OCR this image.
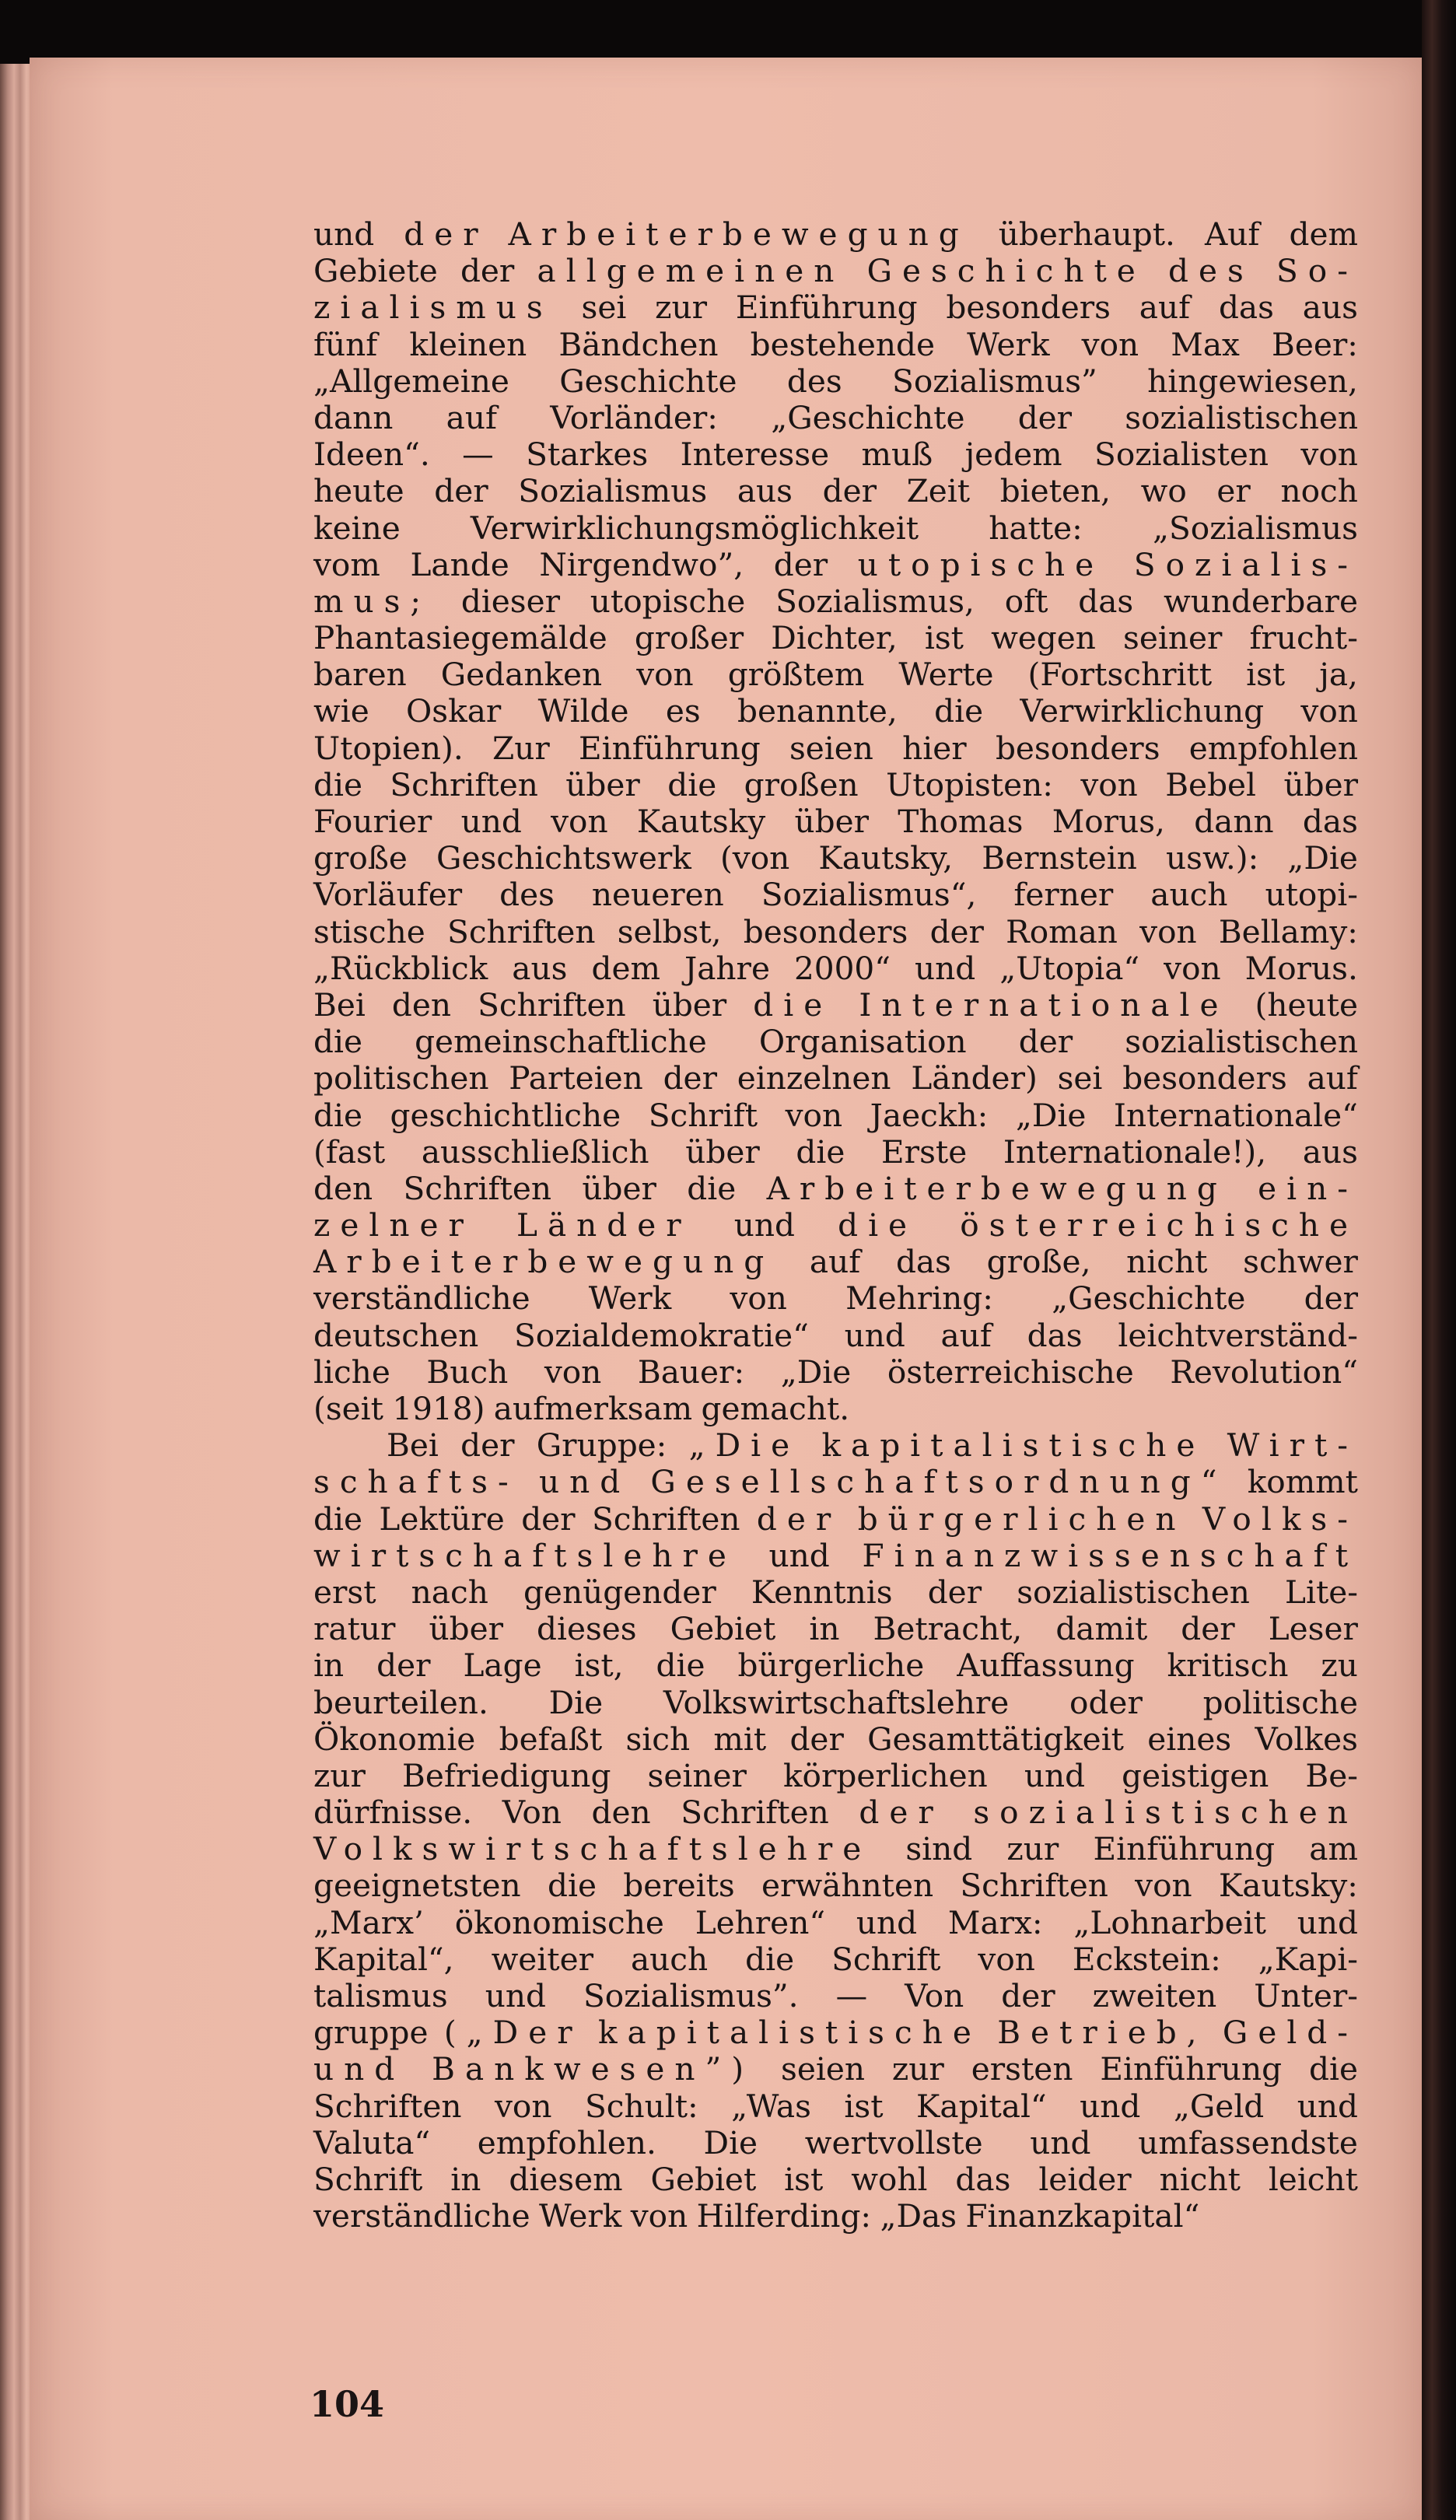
und der Arbeiterbewegung überhaupt. Auf dem
Gebiete der allgemeinen Geschichte des So-
zialismus sei zur Einführung besonders auf das aus
fünf kleinen Bändchen bestehende Werk von Max Beer:
„Allgemeine Geschichte des Sozialismus” hingewiesen,
dann auf Vorländer: „Geschichte der sozialistischen
Ideen“. — Starkes Interesse muß jedem Sozialisten von
heute der Sozialismus aus der Zeit bieten, wo er noch
keine Verwirklichungsmöglichkeit hatte: „Sozialismus
vom Lande Nirgendwo”, der utopische Sozialis-
mus; dieser utopische Sozialismus, oft das wunderbare
Phantasiegemälde großer Dichter, ist wegen seiner frucht-
baren Gedanken von größtem Werte (Fortschritt ist ja,
wie Oskar Wilde es benannte, die Verwirklichung von
Utopien). Zur Einführung seien hier besonders empfohlen
die Schriften über die großen Utopisten: von Bebel über
Fourier und von Kautsky über Thomas Morus, dann das
große Geschichtswerk (von Kautsky, Bernstein usw.): „Die
Vorläufer des neueren Sozialismus“, ferner auch utopi-
stische Schriften selbst, besonders der Roman von Bellamy:
„Rückblick aus dem Jahre 2000“ und „Utopia“ von Morus.
Bei den Schriften über die Internationale (heute
die gemeinschaftliche Organisation der sozialistischen
politischen Parteien der einzelnen Länder) sei besonders auf
die geschichtliche Schrift von Jaeckh: „Die Internationale“
(fast ausschließlich über die Erste Internationale!), aus
den Schriften über die Arbeiterbewegung ein-
zelner Länder und die österreichische
Arbeiterbewegung auf das große, nicht schwer
verständliche Werk von Mehring: „Geschichte der
deutschen Sozialdemokratie“ und auf das leichtverständ-
liche Buch von Bauer: „Die österreichische Revolution“
(seit 1918) aufmerksam gemacht.
Bei der Gruppe: „Die kapitalistische Wirt-
schafts- und Gesellschaftsordnung“ kommt
die Lektüre der Schriften der bürgerlichen Volks-
wirtschaftslehre und Finanzwissenschaft
erst nach genügender Kenntnis der sozialistischen Lite-
ratur über dieses Gebiet in Betracht, damit der Leser
in der Lage ist, die bürgerliche Auffassung kritisch zu
beurteilen. Die Volkswirtschaftslehre oder politische
Ökonomie befaßt sich mit der Gesamttätigkeit eines Volkes
zur Befriedigung seiner körperlichen und geistigen Be-
dürfnisse. Von den Schriften der sozialistischen
Volkswirtschaftslehre sind zur Einführung am
geeignetsten die bereits erwähnten Schriften von Kautsky:
„Marx’ ökonomische Lehren“ und Marx: „Lohnarbeit und
Kapital“, weiter auch die Schrift von Eckstein: „Kapi-
talismus und Sozialismus”. — Von der zweiten Unter-
gruppe („Der kapitalistische Betrieb, Geld-
und Bankwesen”) seien zur ersten Einführung die
Schriften von Schult: „Was ist Kapital“ und „Geld und
Valuta“ empfohlen. Die wertvollste und umfassendste
Schrift in diesem Gebiet ist wohl das leider nicht leicht
verständliche Werk von Hilferding: „Das Finanzkapital“
104
